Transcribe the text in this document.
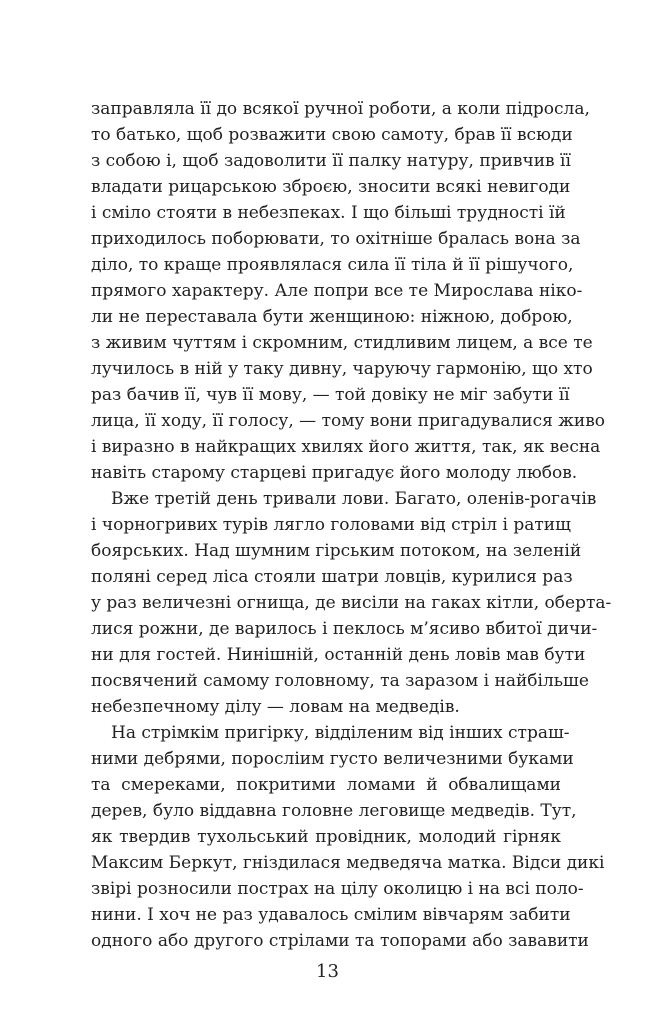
заправляла її до всякої ручної роботи, а коли підросла,
то батько, щоб розважити свою самоту, брав її всюди
з собою і, щоб задоволити її палку натуру, привчив її
владати рицарською зброєю, зносити всякі невигоди
і сміло стояти в небезпеках. І що більші трудності їй
приходилось поборювати, то охітніше бралась вона за
діло, то краще проявлялася сила її тіла й її рішучого,
прямого характеру. Але попри все те Мирослава ніко-
ли не переставала бути женщиною: ніжною, доброю,
з живим чуттям і скромним, стидливим лицем, а все те
лучилось в ній у таку дивну, чаруючу гармонію, що хто
раз бачив її, чув її мову, — той довіку не міг забути її
лица, її ходу, її голосу, — тому вони пригадувалися живо
і виразно в найкращих хвилях його життя, так, як весна
навіть старому старцеві пригадує його молоду любов.
Вже третій день тривали лови. Багато, оленів-рогачів
і чорногривих турів лягло головами від стріл і ратищ
боярських. Над шумним гірським потоком, на зеленій
поляні серед ліса стояли шатри ловців, курилися раз
у раз величезні огнища, де висіли на гаках кітли, оберта-
лися рожни, де варилось і пеклось м’ясиво вбитої дичи-
ни для гостей. Нинішній, останній день ловів мав бути
посвячений самому головному, та заразом і найбільше
небезпечному ділу — ловам на медведів.
На стрімкім пригірку, відділеним від інших страш-
ними дебрями, поросліим густо величезними буками
та смереками, покритими ломами й обвалищами
дерев, було віддавна головне леговище медведів. Тут,
як твердив тухольський провідник, молодий гірняк
Максим Беркут, гніздилася медведяча матка. Відси дикі
звірі розносили пострах на цілу околицю і на всі поло-
нини. І хоч не раз удавалось смілим вівчарям забити
одного або другого стрілами та топорами або зававити
13
